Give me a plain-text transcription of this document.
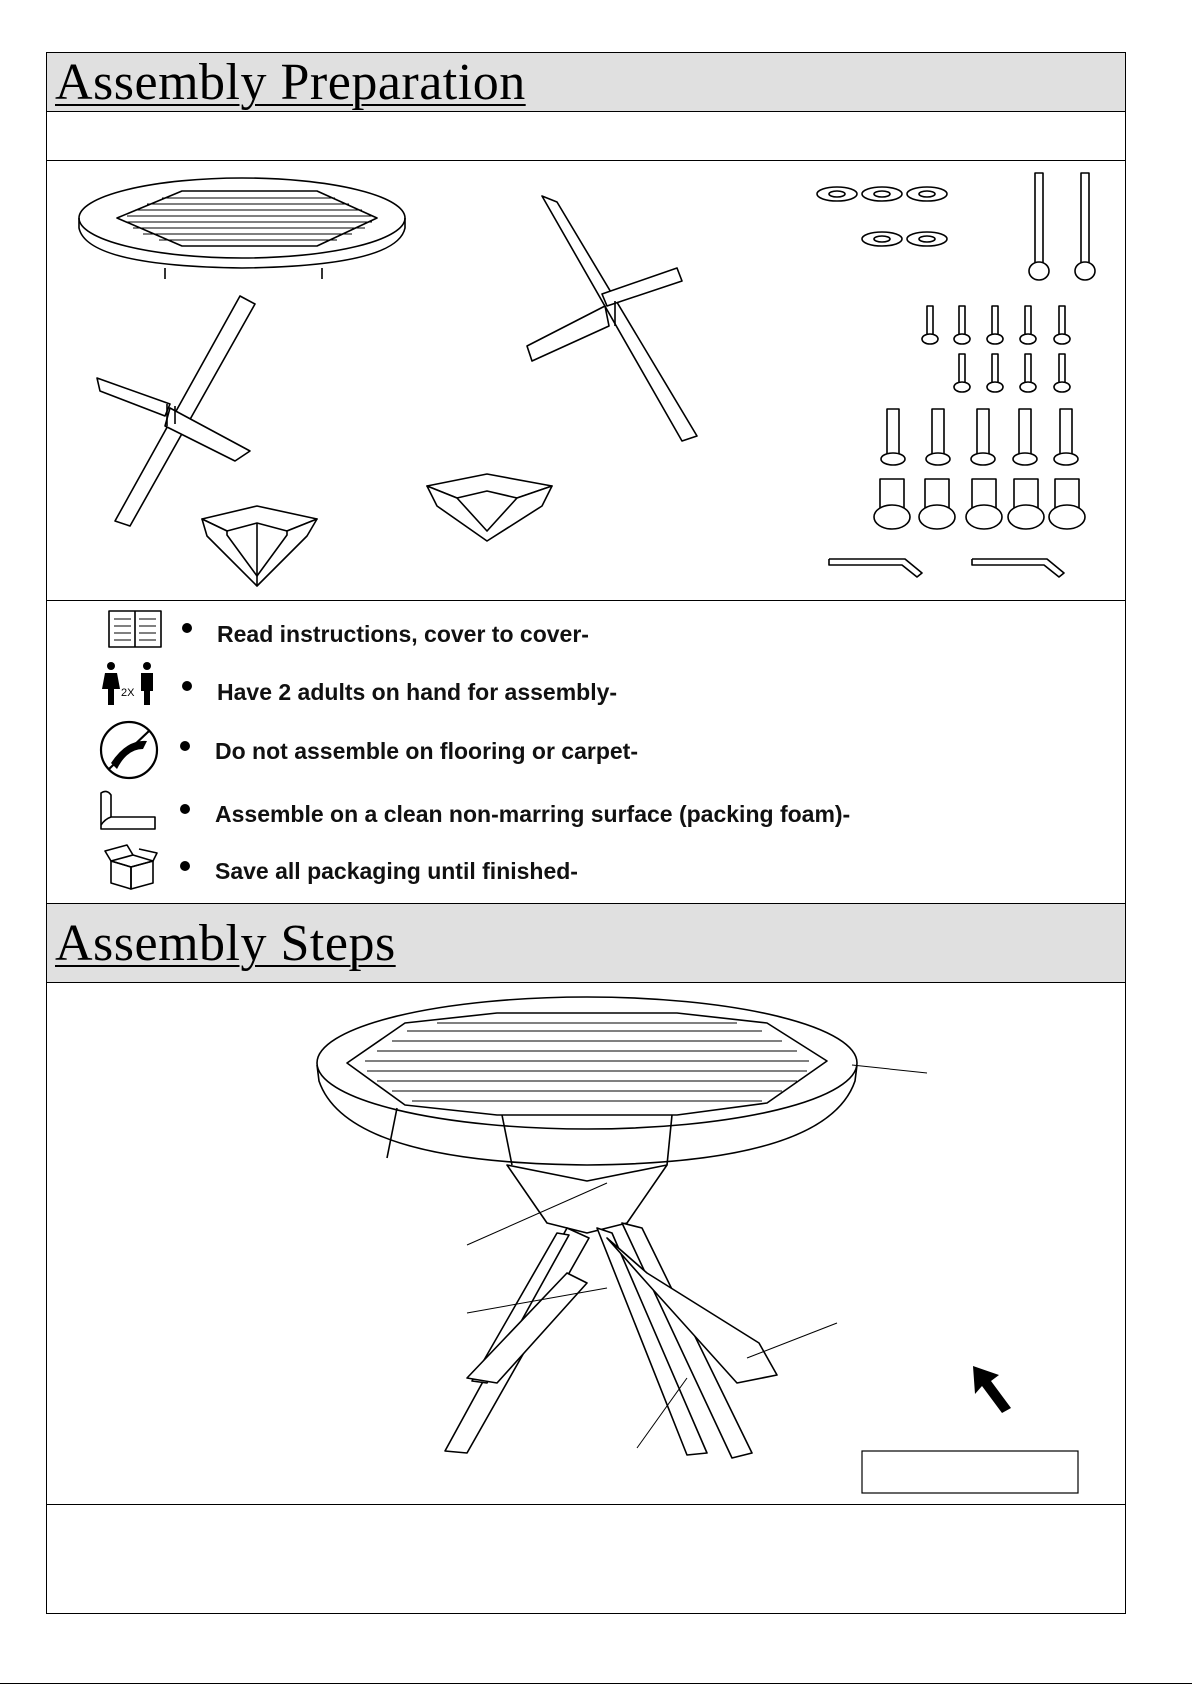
Assembly Preparation
Read instructions, cover to cover-
2X	Have 2 adults on hand for assembly-
Do not assemble on flooring or carpet-
Assemble on a clean non-marring surface (packing foam)-
Save all packaging until finished-
Assembly Steps
